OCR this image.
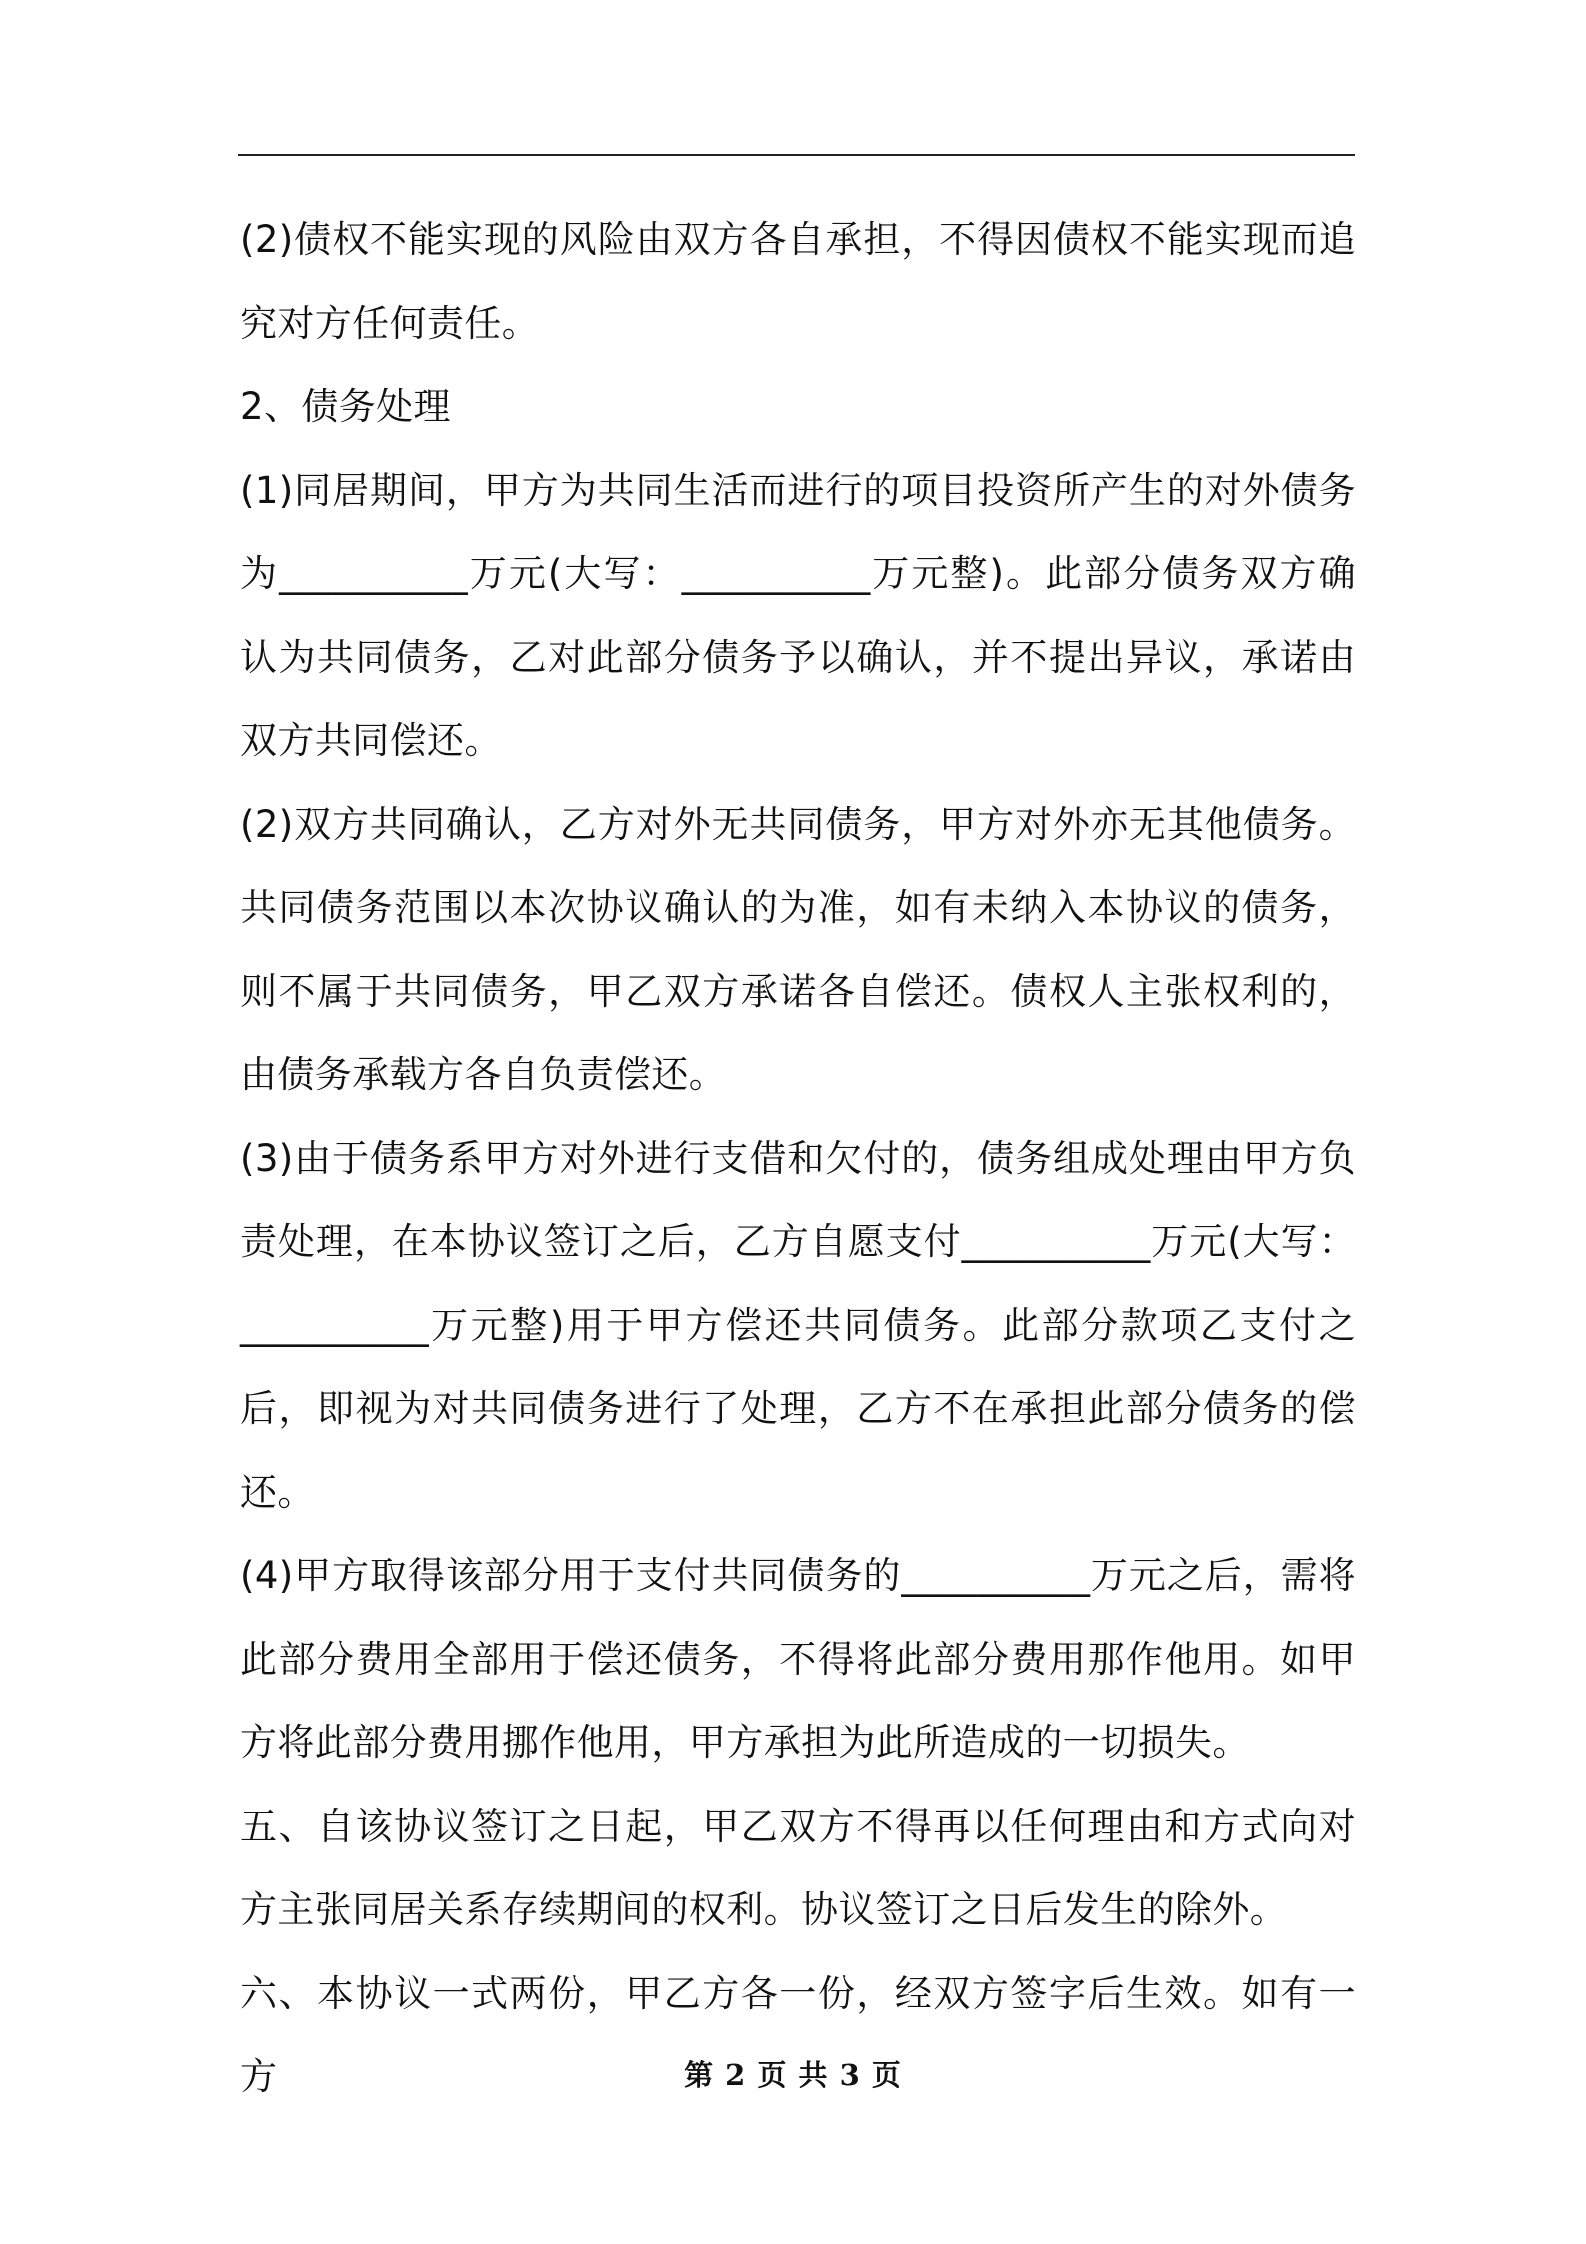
(2)债权不能实现的风险由双方各自承担，不得因债权不能实现而追究对方任何责任。

2、债务处理

(1)同居期间，甲方为共同生活而进行的项目投资所产生的对外债务为__________万元(大写：__________万元整)。此部分债务双方确认为共同债务，乙对此部分债务予以确认，并不提出异议，承诺由双方共同偿还。

(2)双方共同确认，乙方对外无共同债务，甲方对外亦无其他债务。共同债务范围以本次协议确认的为准，如有未纳入本协议的债务，则不属于共同债务，甲乙双方承诺各自偿还。债权人主张权利的，由债务承载方各自负责偿还。

(3)由于债务系甲方对外进行支借和欠付的，债务组成处理由甲方负责处理，在本协议签订之后，乙方自愿支付__________万元(大写：__________万元整)用于甲方偿还共同债务。此部分款项乙支付之后，即视为对共同债务进行了处理，乙方不在承担此部分债务的偿还。

(4)甲方取得该部分用于支付共同债务的__________万元之后，需将此部分费用全部用于偿还债务，不得将此部分费用那作他用。如甲方将此部分费用挪作他用，甲方承担为此所造成的一切损失。

五、自该协议签订之日起，甲乙双方不得再以任何理由和方式向对方主张同居关系存续期间的权利。协议签订之日后发生的除外。

六、本协议一式两份，甲乙方各一份，经双方签字后生效。如有一方	第 2 页 共 3 页
